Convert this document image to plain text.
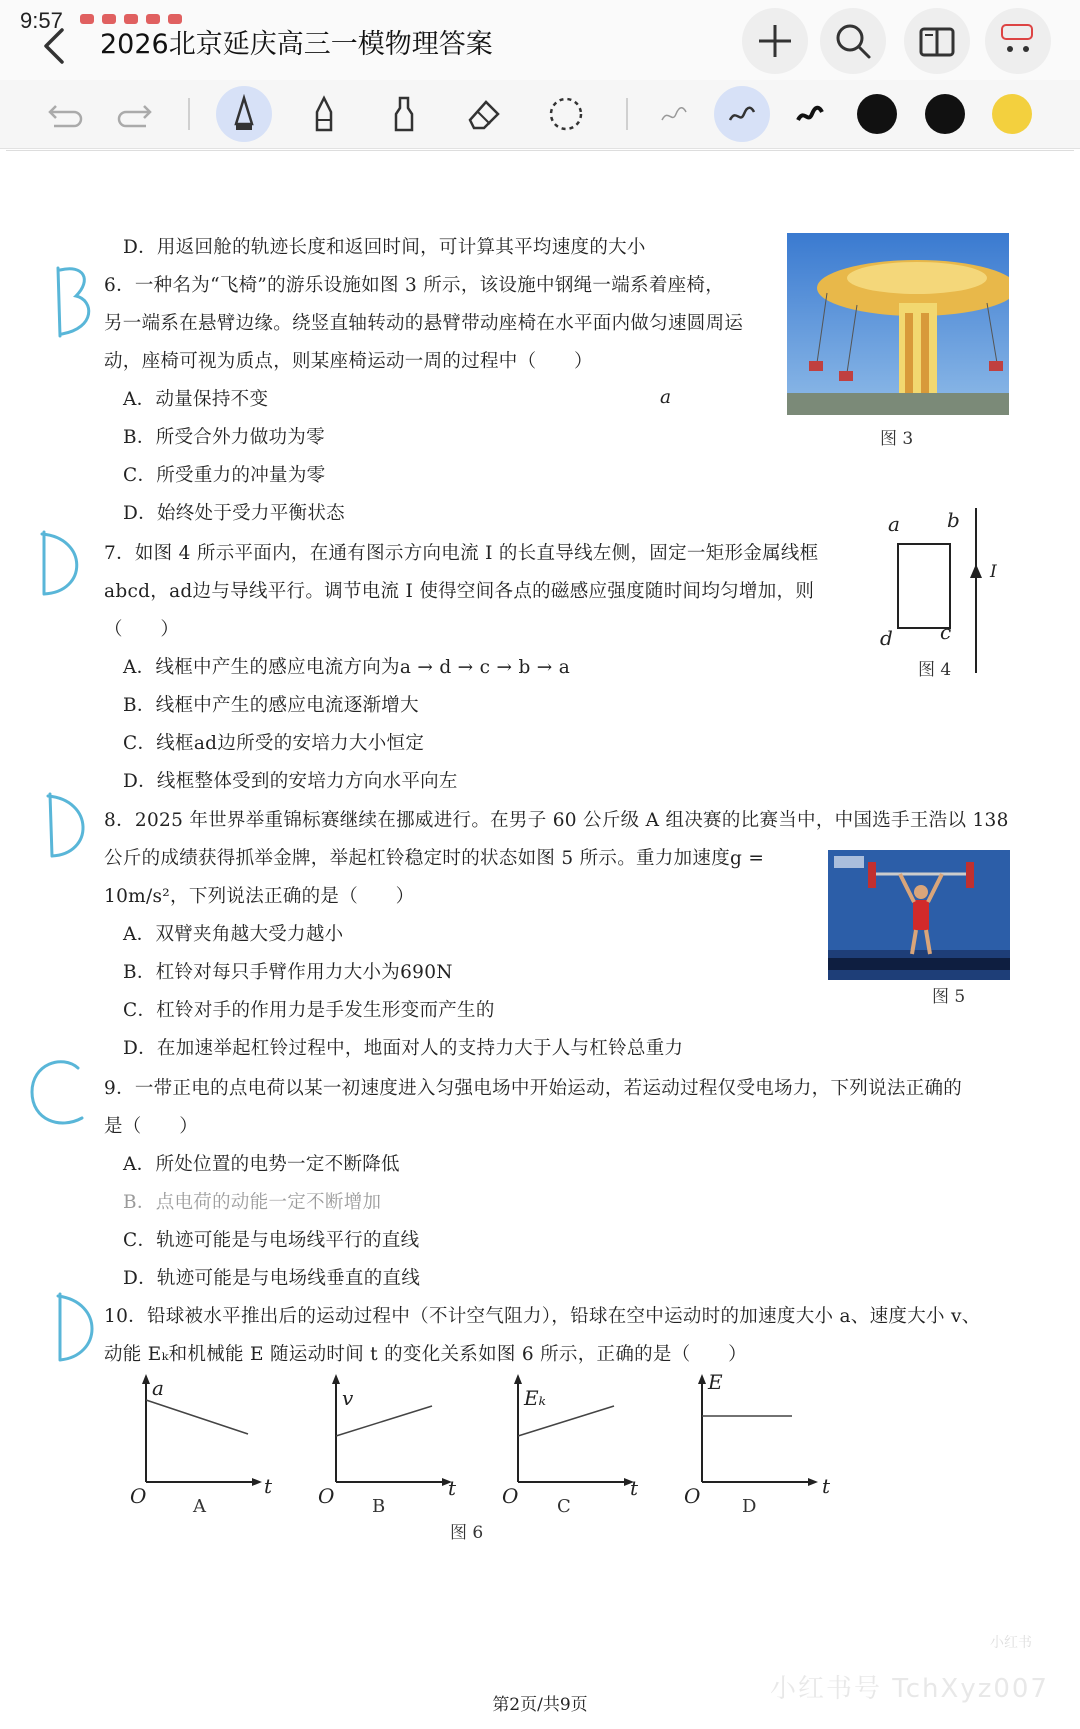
9:57
2026北京延庆高三一模物理答案
D．用返回舱的轨迹长度和返回时间，可计算其平均速度的大小
6．一种名为“飞椅”的游乐设施如图 3 所示，该设施中钢绳一端系着座椅，
另一端系在悬臂边缘。绕竖直轴转动的悬臂带动座椅在水平面内做匀速圆周运
动，座椅可视为质点，则某座椅运动一周的过程中（　　）
A．动量保持不变	a
B．所受合外力做功为零
C．所受重力的冲量为零
D．始终处于受力平衡状态
图 3
7．如图 4 所示平面内，在通有图示方向电流 I 的长直导线左侧，固定一矩形金属线框
abcd，ad边与导线平行。调节电流 I 使得空间各点的磁感应强度随时间均匀增加，则
（　　）
A．线框中产生的感应电流方向为a → d → c → b → a
B．线框中产生的感应电流逐渐增大
C．线框ad边所受的安培力大小恒定
D．线框整体受到的安培力方向水平向左
a b
c
d
I
图 4
8．2025 年世界举重锦标赛继续在挪威进行。在男子 60 公斤级 A 组决赛的比赛当中，中国选手王浩以 138
公斤的成绩获得抓举金牌，举起杠铃稳定时的状态如图 5 所示。重力加速度g =
10m/s²，下列说法正确的是（　　）
A．双臂夹角越大受力越小
B．杠铃对每只手臂作用力大小为690N
C．杠铃对手的作用力是手发生形变而产生的
D．在加速举起杠铃过程中，地面对人的支持力大于人与杠铃总重力
图 5
9．一带正电的点电荷以某一初速度进入匀强电场中开始运动，若运动过程仅受电场力，下列说法正确的
是（　　）
A．所处位置的电势一定不断降低
B．点电荷的动能一定不断增加
C．轨迹可能是与电场线平行的直线
D．轨迹可能是与电场线垂直的直线
10．铅球被水平推出后的运动过程中（不计空气阻力），铅球在空中运动时的加速度大小 a、速度大小 v、
动能 Eₖ和机械能 E 随运动时间 t 的变化关系如图 6 所示，正确的是（　　）
a
t
O	A
v
t
O B
Eₖ
t
O C
E
t
O D
图 6
第2页/共9页
小红书号 TchXyz007
小红书
